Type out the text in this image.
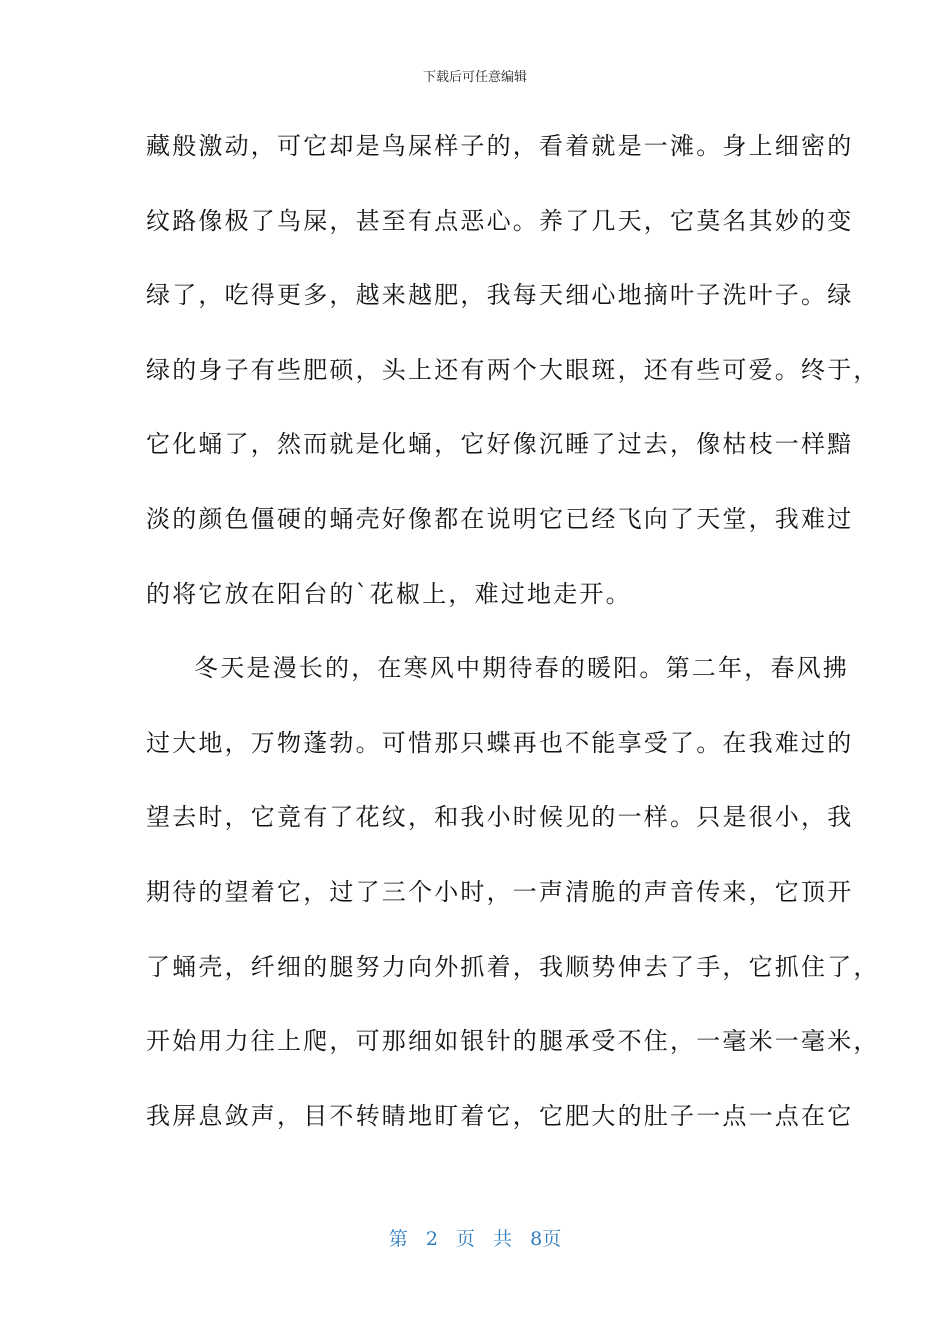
下载后可任意编辑
藏般激动，可它却是鸟屎样子的，看着就是一滩。身上细密的
纹路像极了鸟屎，甚至有点恶心。养了几天，它莫名其妙的变
绿了，吃得更多，越来越肥，我每天细心地摘叶子洗叶子。绿
绿的身子有些肥硕，头上还有两个大眼斑，还有些可爱。终于，
它化蛹了，然而就是化蛹，它好像沉睡了过去，像枯枝一样黯
淡的颜色僵硬的蛹壳好像都在说明它已经飞向了天堂，我难过
的将它放在阳台的`花椒上，难过地走开。
冬天是漫长的，在寒风中期待春的暖阳。第二年，春风拂
过大地，万物蓬勃。可惜那只蝶再也不能享受了。在我难过的
望去时，它竟有了花纹，和我小时候见的一样。只是很小，我
期待的望着它，过了三个小时，一声清脆的声音传来，它顶开
了蛹壳，纤细的腿努力向外抓着，我顺势伸去了手，它抓住了，
开始用力往上爬，可那细如银针的腿承受不住，一毫米一毫米，
我屏息敛声，目不转睛地盯着它，它肥大的肚子一点一点在它
第 2 页 共 8页
